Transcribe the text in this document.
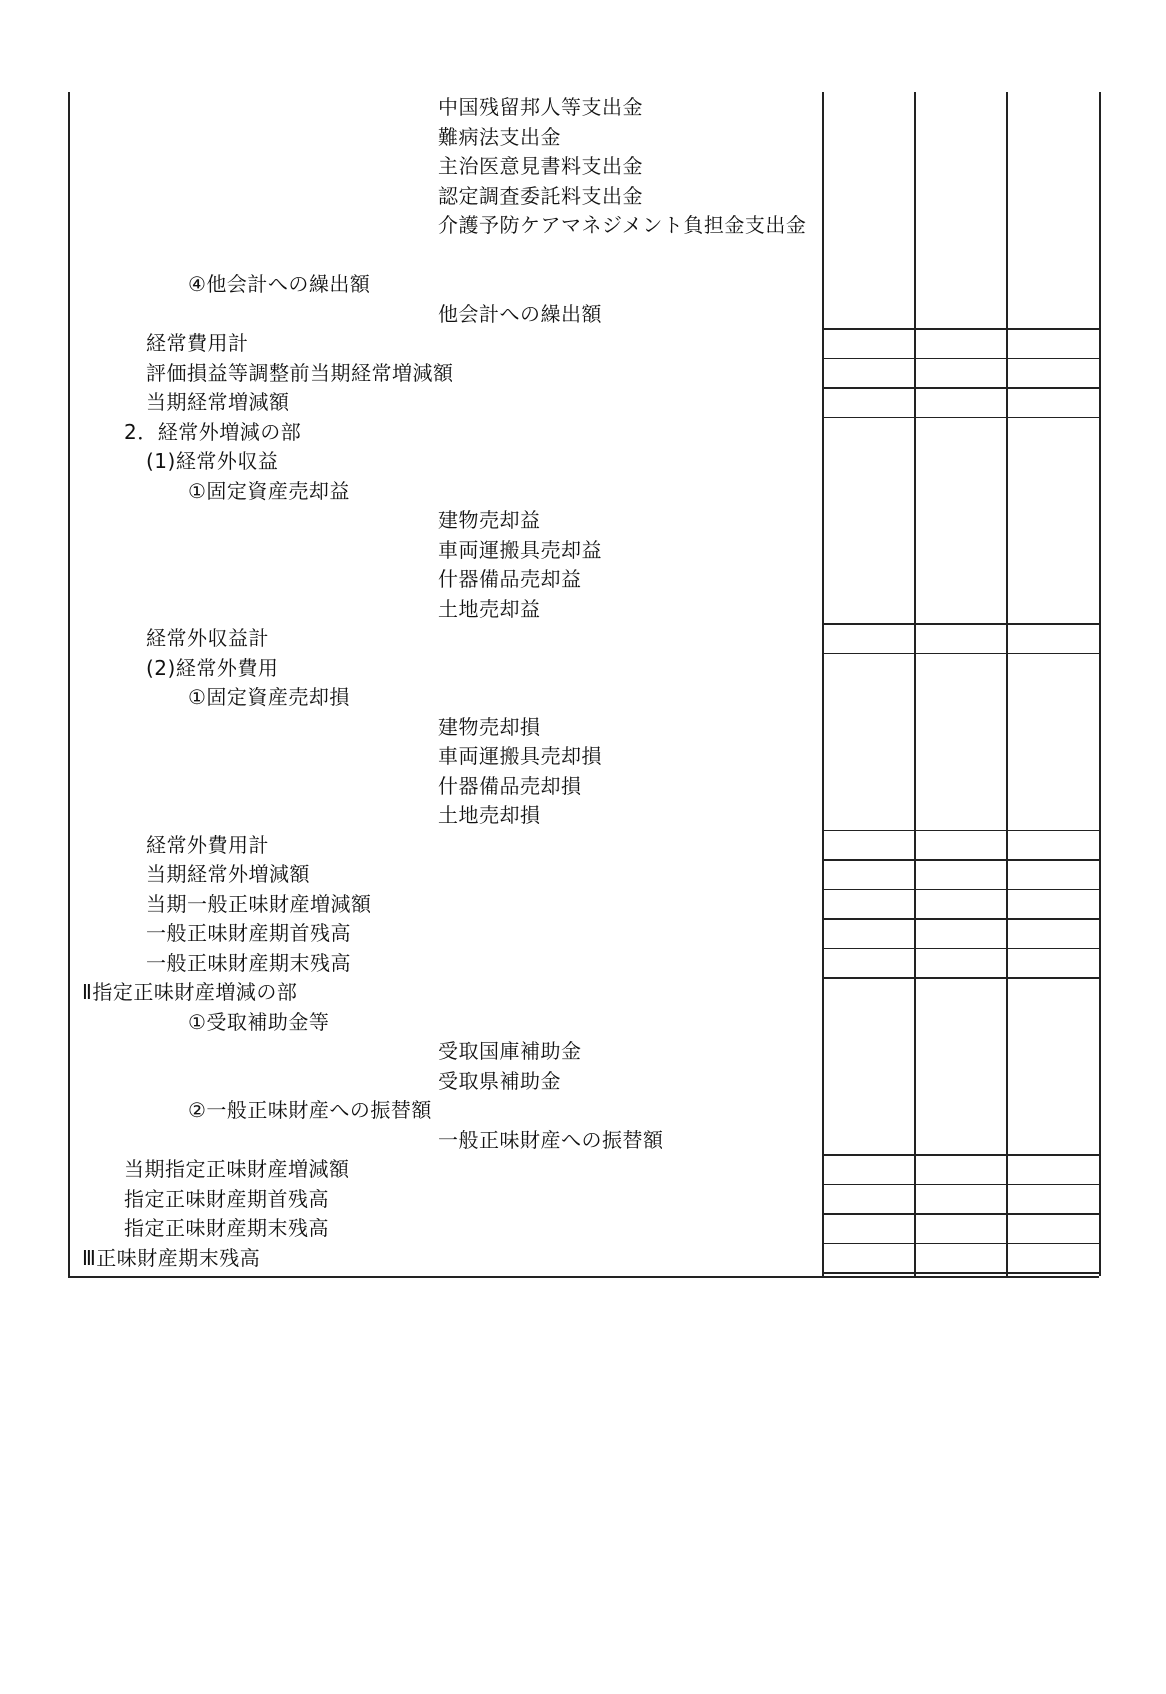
中国残留邦人等支出金
難病法支出金
主治医意見書料支出金
認定調査委託料支出金
介護予防ケアマネジメント負担金支出金
④他会計への繰出額
他会計への繰出額
経常費用計
評価損益等調整前当期経常増減額
当期経常増減額
2．経常外増減の部
(1)経常外収益
①固定資産売却益
建物売却益
車両運搬具売却益
什器備品売却益
土地売却益
経常外収益計
(2)経常外費用
①固定資産売却損
建物売却損
車両運搬具売却損
什器備品売却損
土地売却損
経常外費用計
当期経常外増減額
当期一般正味財産増減額
一般正味財産期首残高
一般正味財産期末残高
Ⅱ指定正味財産増減の部
①受取補助金等
受取国庫補助金
受取県補助金
②一般正味財産への振替額
一般正味財産への振替額
当期指定正味財産増減額
指定正味財産期首残高
指定正味財産期末残高
Ⅲ正味財産期末残高
